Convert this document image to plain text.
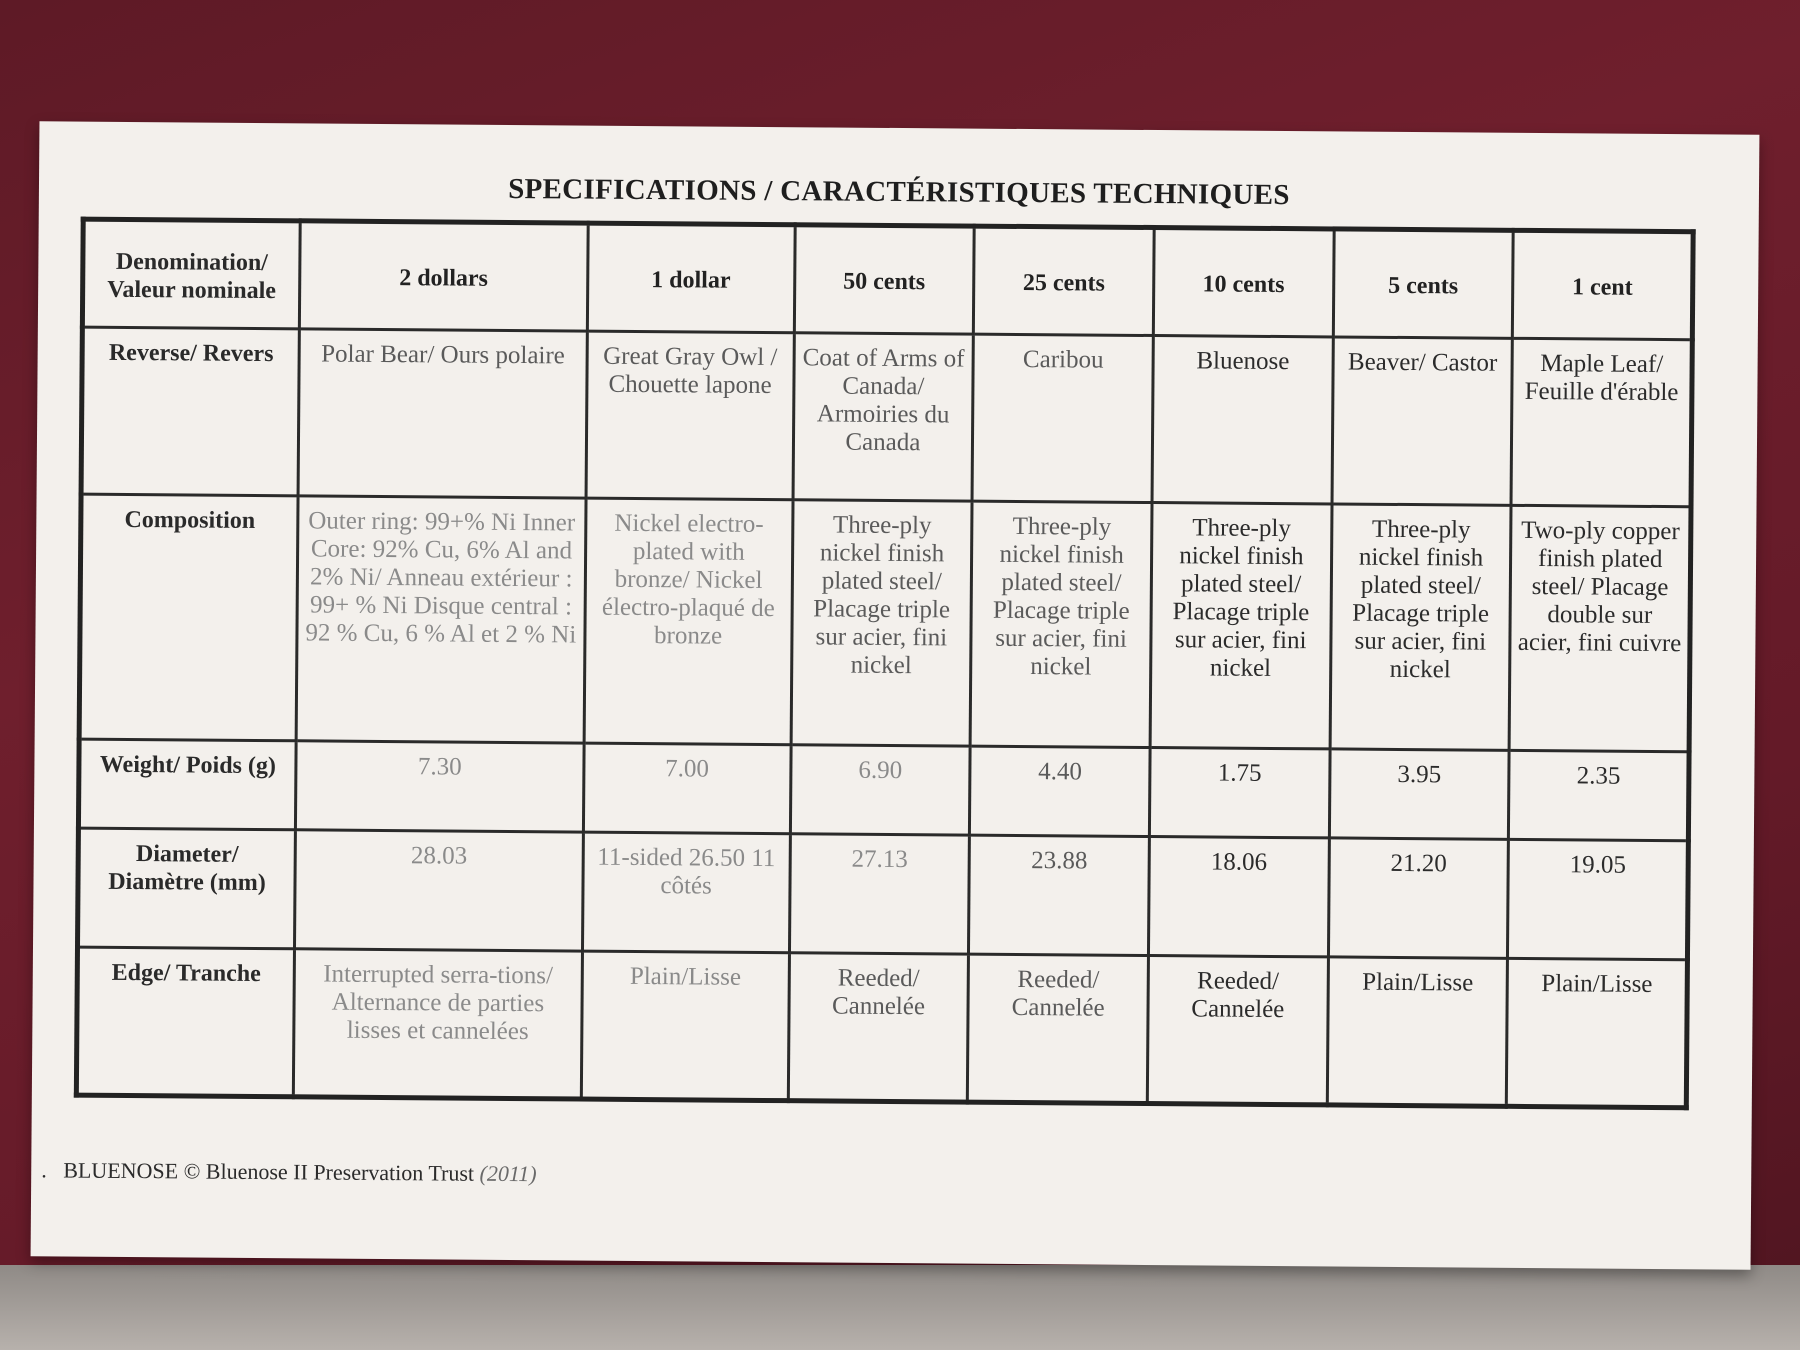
SPECIFICATIONS / CARACTÉRISTIQUES TECHNIQUES
Denomination/ Valeur nominale	2 dollars	1 dollar	50 cents	25 cents	10 cents	5 cents	1 cent
Reverse/ Revers	Polar Bear/ Ours polaire	Great Gray Owl / Chouette lapone	Coat of Arms of Canada/ Armoiries du Canada	Caribou	Bluenose	Beaver/ Castor	Maple Leaf/ Feuille d'érable
Composition	Outer ring: 99+% Ni Inner Core: 92% Cu, 6% Al and 2% Ni/ Anneau extérieur : 99+ % Ni Disque central : 92 % Cu, 6 % Al et 2 % Ni	Nickel electro-plated with bronze/ Nickel électro-plaqué de bronze	Three-ply nickel finish plated steel/ Placage triple sur acier, fini nickel	Three-ply nickel finish plated steel/ Placage triple sur acier, fini nickel	Three-ply nickel finish plated steel/ Placage triple sur acier, fini nickel	Three-ply nickel finish plated steel/ Placage triple sur acier, fini nickel	Two-ply copper finish plated steel/ Placage double sur acier, fini cuivre
Weight/ Poids (g)	7.30	7.00	6.90	4.40	1.75	3.95	2.35
Diameter/ Diamètre (mm)	28.03	11-sided 26.50 11 côtés	27.13	23.88	18.06	21.20	19.05
Edge/ Tranche	Interrupted serra-tions/ Alternance de parties lisses et cannelées	Plain/Lisse	Reeded/ Cannelée	Reeded/ Cannelée	Reeded/ Cannelée	Plain/Lisse	Plain/Lisse
. BLUENOSE © Bluenose II Preservation Trust (2011)
